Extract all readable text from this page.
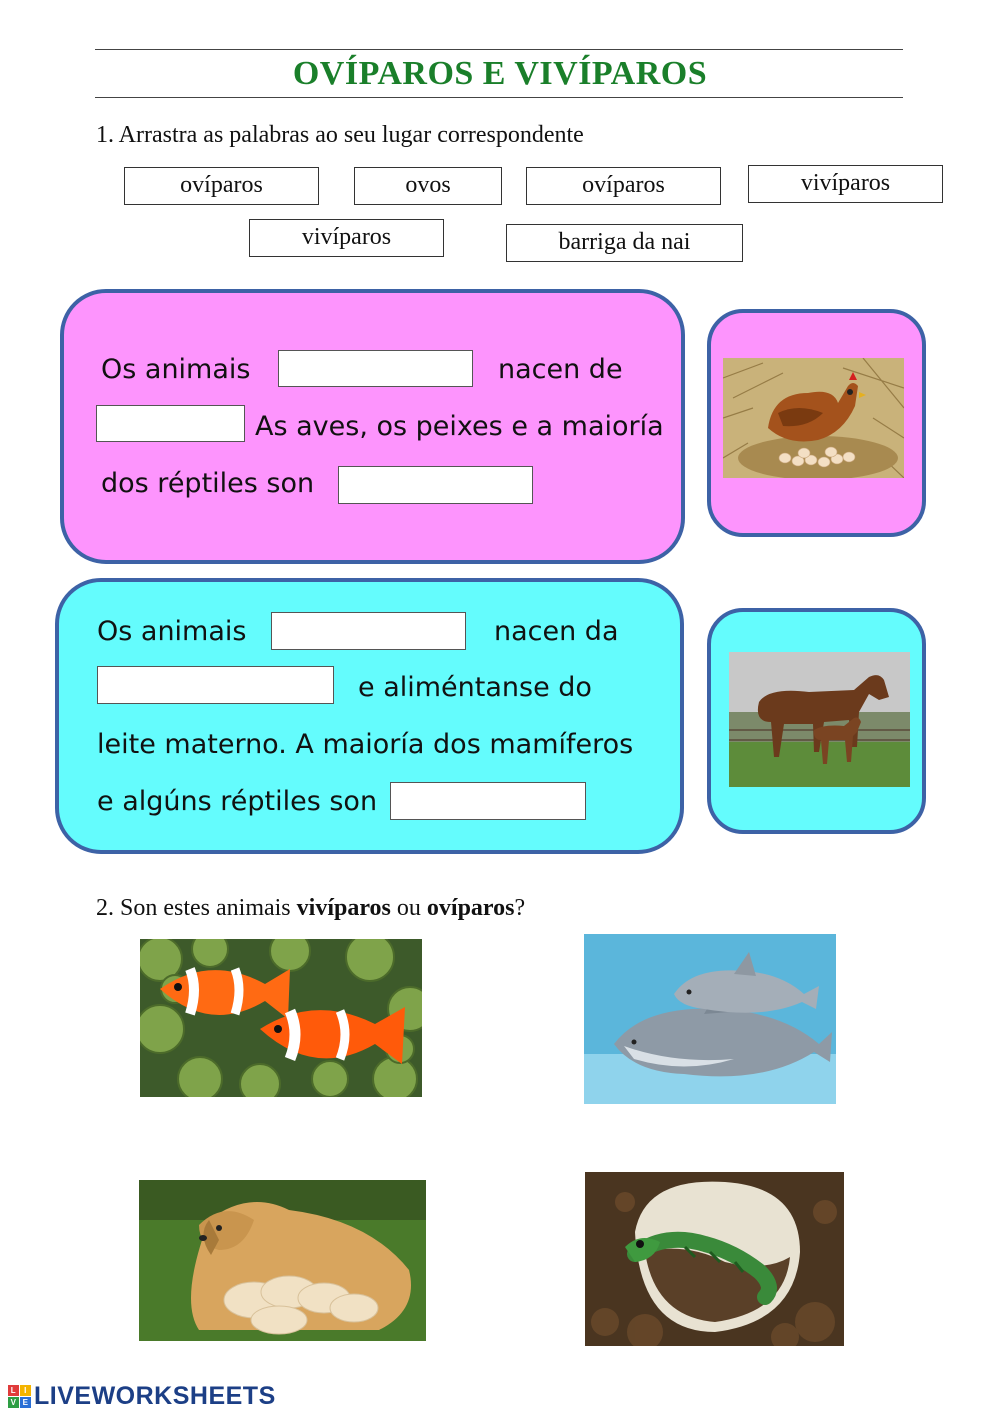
OVÍPAROS E VIVÍPAROS
1. Arrastra as palabras ao seu lugar correspondente
ovíparos	ovos	ovíparos	vivíparos
vivíparos	barriga da nai
Os animais	nacen de
As aves, os peixes e a maioría
dos réptiles son
Os animais	nacen da
e aliméntanse do
leite materno. A maioría dos mamíferos
e algúns réptiles son
2. Son estes animais vivíparos ou ovíparos?
L I
V E LIVEWORKSHEETS
